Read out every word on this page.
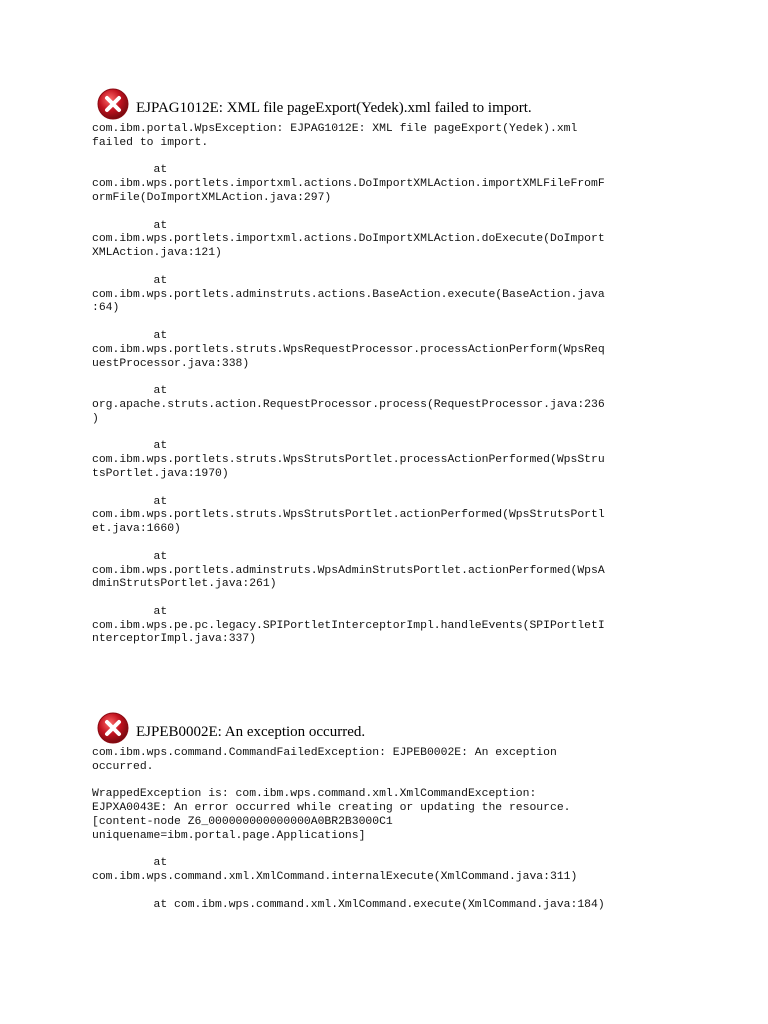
EJPAG1012E: XML file pageExport(Yedek).xml failed to import.
com.ibm.portal.WpsException: EJPAG1012E: XML file pageExport(Yedek).xml
failed to import.

at
com.ibm.wps.portlets.importxml.actions.DoImportXMLAction.importXMLFileFromF
ormFile(DoImportXMLAction.java:297)

at
com.ibm.wps.portlets.importxml.actions.DoImportXMLAction.doExecute(DoImport
XMLAction.java:121)

at
com.ibm.wps.portlets.adminstruts.actions.BaseAction.execute(BaseAction.java
:64)

at
com.ibm.wps.portlets.struts.WpsRequestProcessor.processActionPerform(WpsReq
uestProcessor.java:338)

at
org.apache.struts.action.RequestProcessor.process(RequestProcessor.java:236
)

at
com.ibm.wps.portlets.struts.WpsStrutsPortlet.processActionPerformed(WpsStru
tsPortlet.java:1970)

at
com.ibm.wps.portlets.struts.WpsStrutsPortlet.actionPerformed(WpsStrutsPortl
et.java:1660)

at
com.ibm.wps.portlets.adminstruts.WpsAdminStrutsPortlet.actionPerformed(WpsA
dminStrutsPortlet.java:261)

at
com.ibm.wps.pe.pc.legacy.SPIPortletInterceptorImpl.handleEvents(SPIPortletI
nterceptorImpl.java:337)
EJPEB0002E: An exception occurred.
com.ibm.wps.command.CommandFailedException: EJPEB0002E: An exception
occurred.

WrappedException is: com.ibm.wps.command.xml.XmlCommandException:
EJPXA0043E: An error occurred while creating or updating the resource.
[content-node Z6_000000000000000A0BR2B3000C1
uniquename=ibm.portal.page.Applications]

at
com.ibm.wps.command.xml.XmlCommand.internalExecute(XmlCommand.java:311)

at com.ibm.wps.command.xml.XmlCommand.execute(XmlCommand.java:184)
